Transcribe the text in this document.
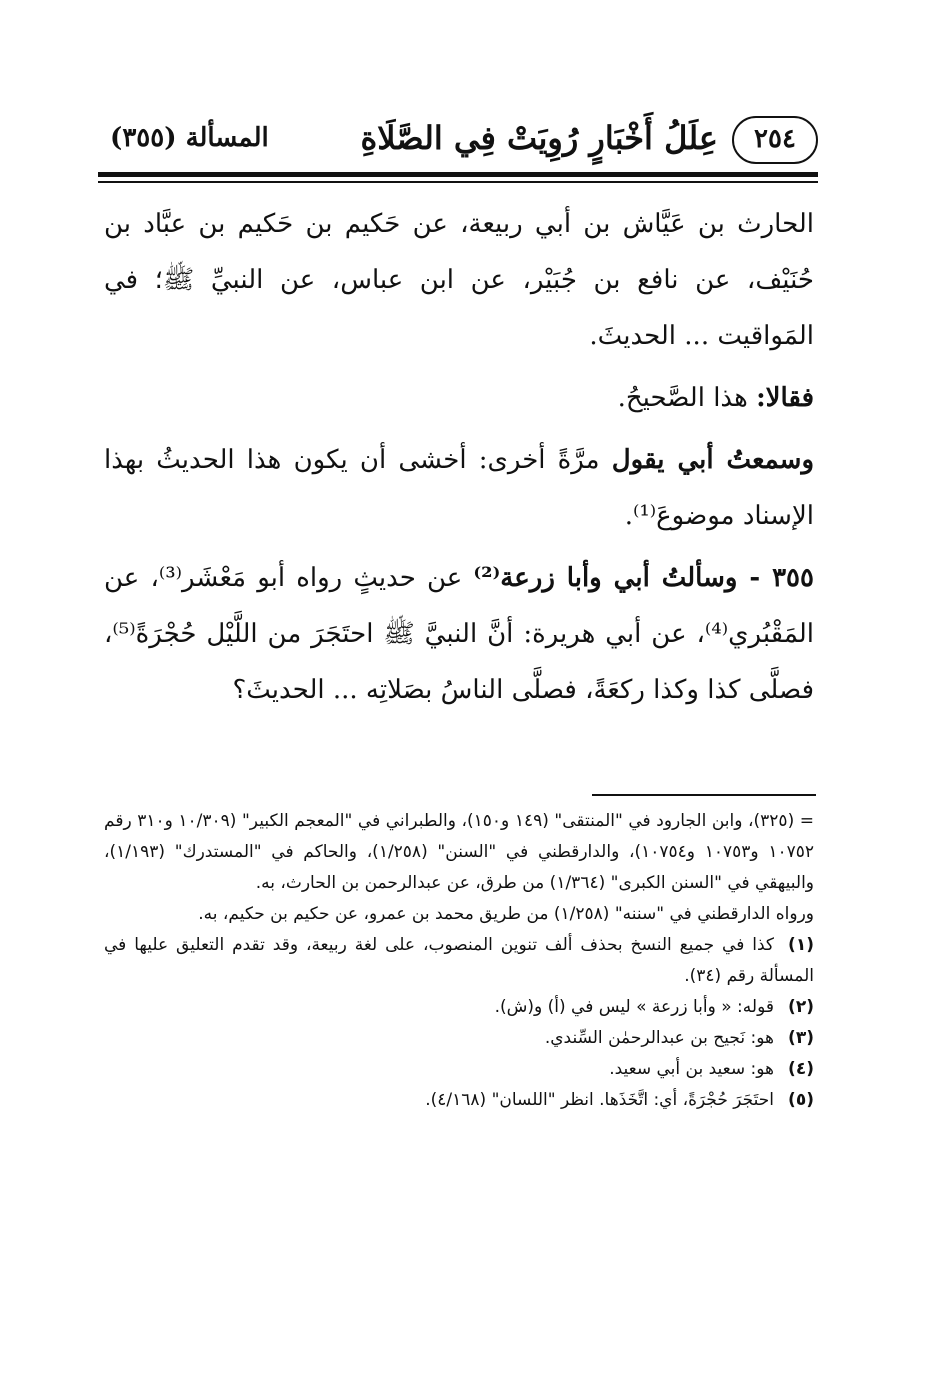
٢٥٤
عِلَلُ أَخْبَارٍ رُوِيَتْ فِي الصَّلَاةِ
المسألة (٣٥٥)

الحارث بن عَيَّاش بن أبي ربيعة، عن حَكيم بن حَكيم بن عبَّاد بن حُنَيْف، عن نافع بن جُبَيْر، عن ابن عباس، عن النبيِّ ﷺ؛ في المَواقيت ... الحديثَ.

فقالا: هذا الصَّحيحُ.

وسمعتُ أبي يقول مرَّةً أخرى: أخشى أن يكون هذا الحديثُ بهذا الإسناد موضوعَ⁽¹⁾.

٣٥٥ - وسألتُ أبي وأبا زرعة⁽²⁾ عن حديثٍ رواه أبو مَعْشَر⁽³⁾، عن المَقْبُري⁽⁴⁾، عن أبي هريرة: أنَّ النبيَّ ﷺ احتَجَرَ من اللَّيْل حُجْرَةً⁽⁵⁾، فصلَّى كذا وكذا ركعَةً، فصلَّى الناسُ بصَلاتِه ... الحديثَ؟

= (٣٢٥)، وابن الجارود في "المنتقى" (١٤٩ و١٥٠)، والطبراني في "المعجم الكبير" (١٠/٣٠٩ و٣١٠ رقم ١٠٧٥٢ و١٠٧٥٣ و١٠٧٥٤)، والدارقطني في "السنن" (١/٢٥٨)، والحاكم في "المستدرك" (١/١٩٣)، والبيهقي في "السنن الكبرى" (١/٣٦٤) من طرق، عن عبدالرحمن بن الحارث، به.

ورواه الدارقطني في "سننه" (١/٢٥٨) من طريق محمد بن عمرو، عن حكيم بن حكيم، به.

(١)كذا في جميع النسخ بحذف ألف تنوين المنصوب، على لغة ربيعة، وقد تقدم التعليق عليها في المسألة رقم (٣٤).

(٢)قوله: « وأبا زرعة » ليس في (أ) و(ش).

(٣)هو: نَجيح بن عبدالرحمٰن السِّندي.

(٤)هو: سعيد بن أبي سعيد.

(٥)احتَجَرَ حُجْرَةً، أي: اتَّخَذَها. انظر "اللسان" (٤/١٦٨).
